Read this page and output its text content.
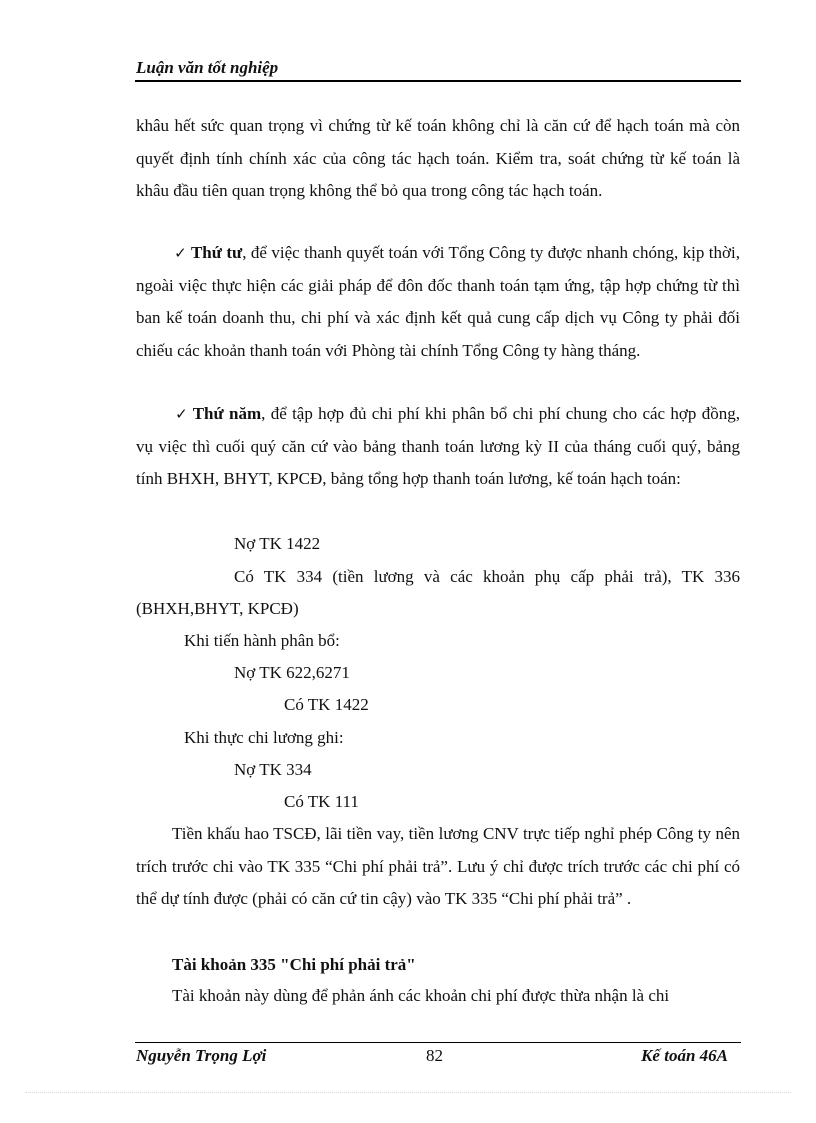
Luận văn tốt nghiệp
khâu hết sức quan trọng vì chứng từ kế toán không chỉ là căn cứ để hạch toán mà còn quyết định tính chính xác của công tác hạch toán. Kiểm tra, soát chứng từ kế toán là khâu đầu tiên quan trọng không thể bỏ qua trong công tác hạch toán.
✓ Thứ tư, để việc thanh quyết toán với Tổng Công ty được nhanh chóng, kịp thời, ngoài việc thực hiện các giải pháp để đôn đốc thanh toán tạm ứng, tập hợp chứng từ thì ban kế toán doanh thu, chi phí và xác định kết quả cung cấp dịch vụ Công ty phải đối chiếu các khoản thanh toán với Phòng tài chính Tổng Công ty hàng tháng.
✓ Thứ năm, để tập hợp đủ chi phí khi phân bổ chi phí chung cho các hợp đồng, vụ việc thì cuối quý căn cứ vào bảng thanh toán lương kỳ II của tháng cuối quý, bảng tính BHXH, BHYT, KPCĐ, bảng tổng hợp thanh toán lương, kế toán hạch toán:
Nợ TK 1422
Có TK 334 (tiền lương và các khoản phụ cấp phải trả), TK 336
(BHXH,BHYT, KPCĐ)
Khi tiến hành phân bổ:
Nợ TK 622,6271
Có TK 1422
Khi thực chi lương ghi:
Nợ TK 334
Có TK 111
Tiền khấu hao TSCĐ, lãi tiền vay, tiền lương CNV trực tiếp nghỉ phép Công ty nên trích trước chi vào TK 335 “Chi phí phải trả”. Lưu ý chỉ được trích trước các chi phí có thể dự tính được (phải có căn cứ tin cậy) vào TK 335 “Chi phí phải trả” .
Tài khoản 335 "Chi phí phải trả"
Tài khoản này dùng để phản ánh các khoản chi phí được thừa nhận là chi
Nguyễn Trọng Lợi	82	Kế toán 46A
